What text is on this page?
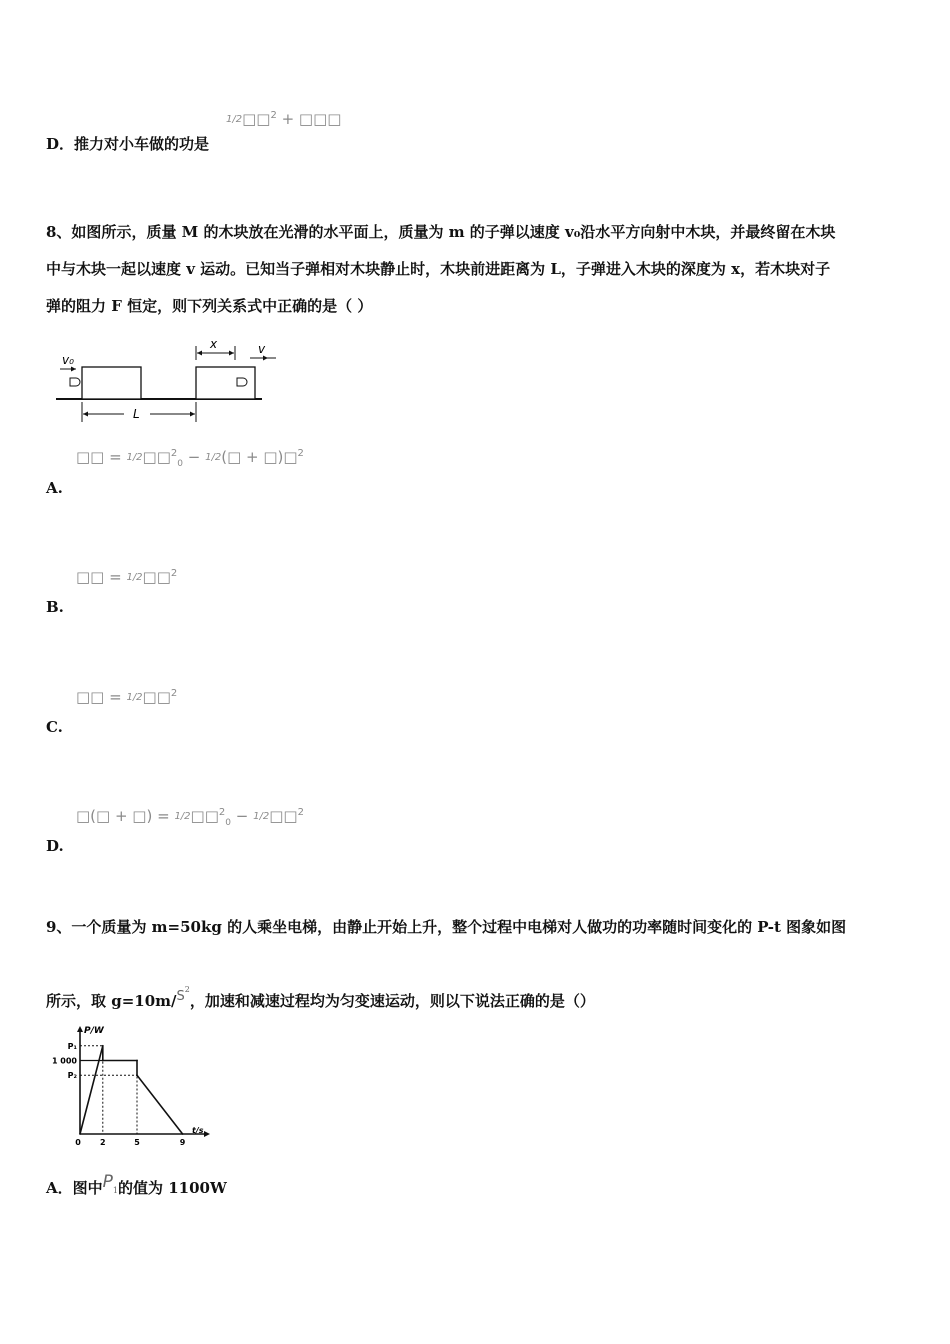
D．推力对小车做的功是
1/2□□$^2$ + □□□
8、如图所示，质量 M 的木块放在光滑的水平面上，质量为 m 的子弹以速度 v₀沿水平方向射中木块，并最终留在木块
中与木块一起以速度 v 运动。已知当子弹相对木块静止时，木块前进距离为 L，子弹进入木块的深度为 x，若木块对子
弹的阻力 F 恒定，则下列关系式中正确的是（ ）
v₀
x	v
L
□□ = 1/2□□$^2_0$ − 1/2(□ + □)□$^2$
A.
□□ = 1/2□□$^2$
B.
□□ = 1/2□□$^2$
C.
□(□ + □) = 1/2□□$^2_0$ − 1/2□□$^2$
D.
9、一个质量为 m=50kg 的人乘坐电梯，由静止开始上升，整个过程中电梯对人做功的功率随时间变化的 P-t 图象如图
所示，取 $g=10m/S^2$，加速和减速过程均为匀变速运动，则以下说法正确的是（）
P/W
t/s
P₁
1 000
P₂
0 2	5	9
A．图中P1的值为 1100W
